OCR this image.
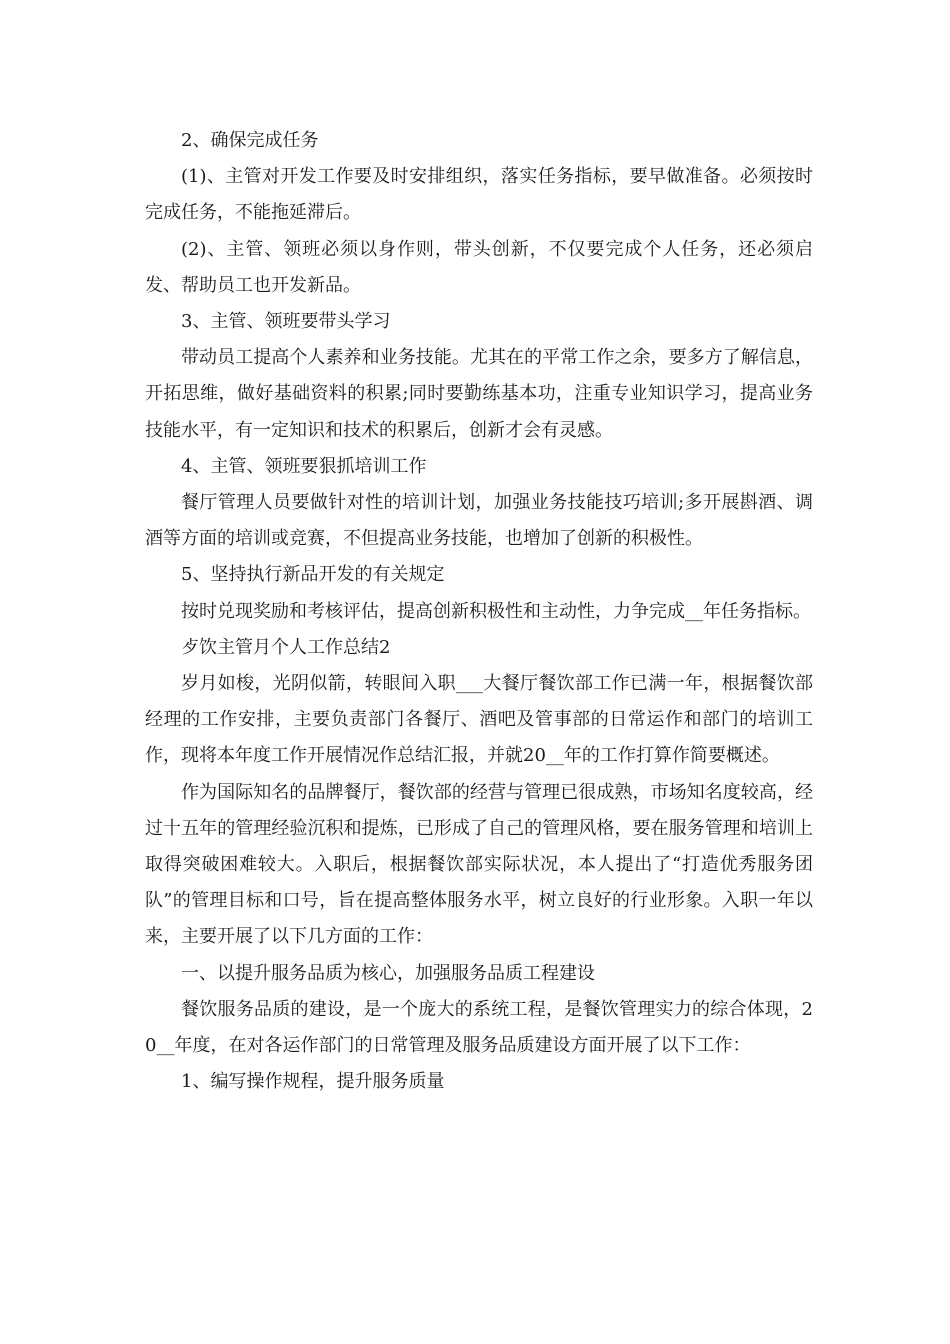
2、确保完成任务

(1)、主管对开发工作要及时安排组织，落实任务指标，要早做准备。必须按时完成任务，不能拖延滞后。

(2)、主管、领班必须以身作则，带头创新，不仅要完成个人任务，还必须启发、帮助员工也开发新品。

3、主管、领班要带头学习

带动员工提高个人素养和业务技能。尤其在的平常工作之余，要多方了解信息，开拓思维，做好基础资料的积累;同时要勤练基本功，注重专业知识学习，提高业务技能水平，有一定知识和技术的积累后，创新才会有灵感。

4、主管、领班要狠抓培训工作

餐厅管理人员要做针对性的培训计划，加强业务技能技巧培训;多开展斟酒、调酒等方面的培训或竞赛，不但提高业务技能，也增加了创新的积极性。

5、坚持执行新品开发的有关规定

按时兑现奖励和考核评估，提高创新积极性和主动性，力争完成__年任务指标。

歺饮主管月个人工作总结2

岁月如梭，光阴似箭，转眼间入职___大餐厅餐饮部工作已满一年，根据餐饮部经理的工作安排，主要负责部门各餐厅、酒吧及管事部的日常运作和部门的培训工作，现将本年度工作开展情况作总结汇报，并就20__年的工作打算作简要概述。

作为国际知名的品牌餐厅，餐饮部的经营与管理已很成熟，市场知名度较高，经过十五年的管理经验沉积和提炼，已形成了自己的管理风格，要在服务管理和培训上取得突破困难较大。入职后，根据餐饮部实际状况，本人提出了“打造优秀服务团队”的管理目标和口号，旨在提高整体服务水平，树立良好的行业形象。入职一年以来，主要开展了以下几方面的工作：

一、以提升服务品质为核心，加强服务品质工程建设

餐饮服务品质的建设，是一个庞大的系统工程，是餐饮管理实力的综合体现，20__年度，在对各运作部门的日常管理及服务品质建设方面开展了以下工作：

1、编写操作规程，提升服务质量
